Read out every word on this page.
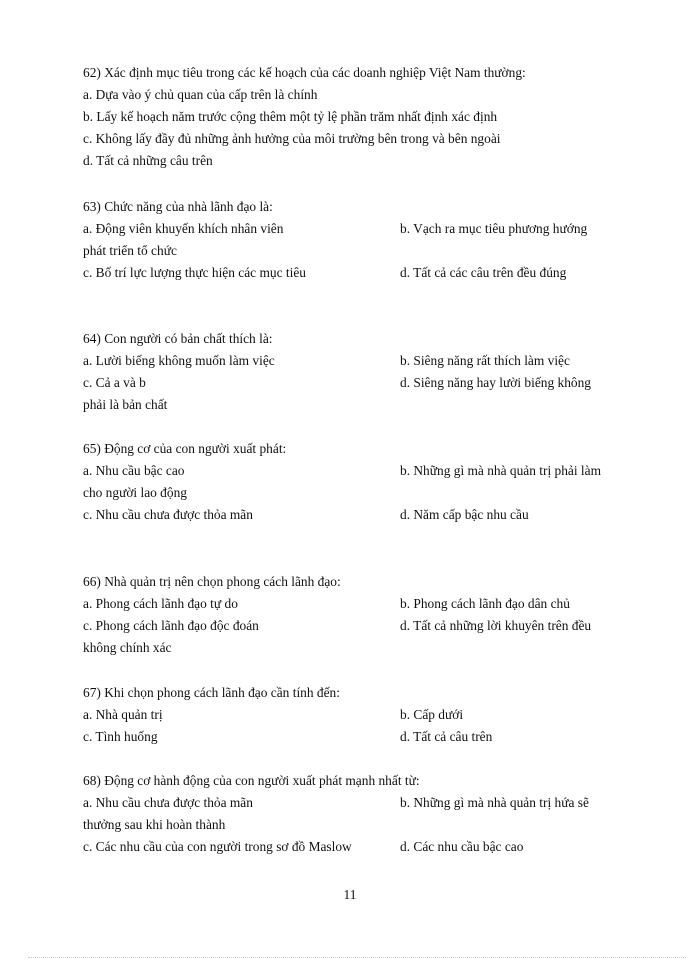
62) Xác định mục tiêu trong các kế hoạch của các doanh nghiệp Việt Nam thường:
a. Dựa vào ý chủ quan của cấp trên là chính
b. Lấy kế hoạch năm trước cộng thêm một tỷ lệ phần trăm nhất định xác định
c. Không lấy đầy đủ những ảnh hưởng của môi trường bên trong và bên ngoài
d. Tất cả những câu trên
63) Chức năng của nhà lãnh đạo là:
a. Động viên khuyến khích nhân viên	b. Vạch ra mục tiêu phương hướng
phát triển tổ chức
c. Bố trí lực lượng thực hiện các mục tiêu	d. Tất cả các câu trên đều đúng
64) Con người có bản chất thích là:
a. Lười biếng không muốn làm việc	b. Siêng năng rất thích làm việc
c. Cả a và b	d. Siêng năng hay lười biếng không
phải là bản chất
65) Động cơ của con người xuất phát:
a. Nhu cầu bậc cao	b. Những gì mà nhà quản trị phải làm
cho người lao động
c. Nhu cầu chưa được thỏa mãn	d. Năm cấp bậc nhu cầu
66) Nhà quản trị nên chọn phong cách lãnh đạo:
a. Phong cách lãnh đạo tự do	b. Phong cách lãnh đạo dân chủ
c. Phong cách lãnh đạo độc đoán	d. Tất cả những lời khuyên trên đều
không chính xác
67) Khi chọn phong cách lãnh đạo cần tính đến:
a. Nhà quản trị	b. Cấp dưới
c. Tình huống	d. Tất cả câu trên
68) Động cơ hành động của con người xuất phát mạnh nhất từ:
a. Nhu cầu chưa được thỏa mãn	b. Những gì mà nhà quản trị hứa sẽ
thưởng sau khi hoàn thành
c. Các nhu cầu của con người trong sơ đồ Maslow	d. Các nhu cầu bậc cao
11
